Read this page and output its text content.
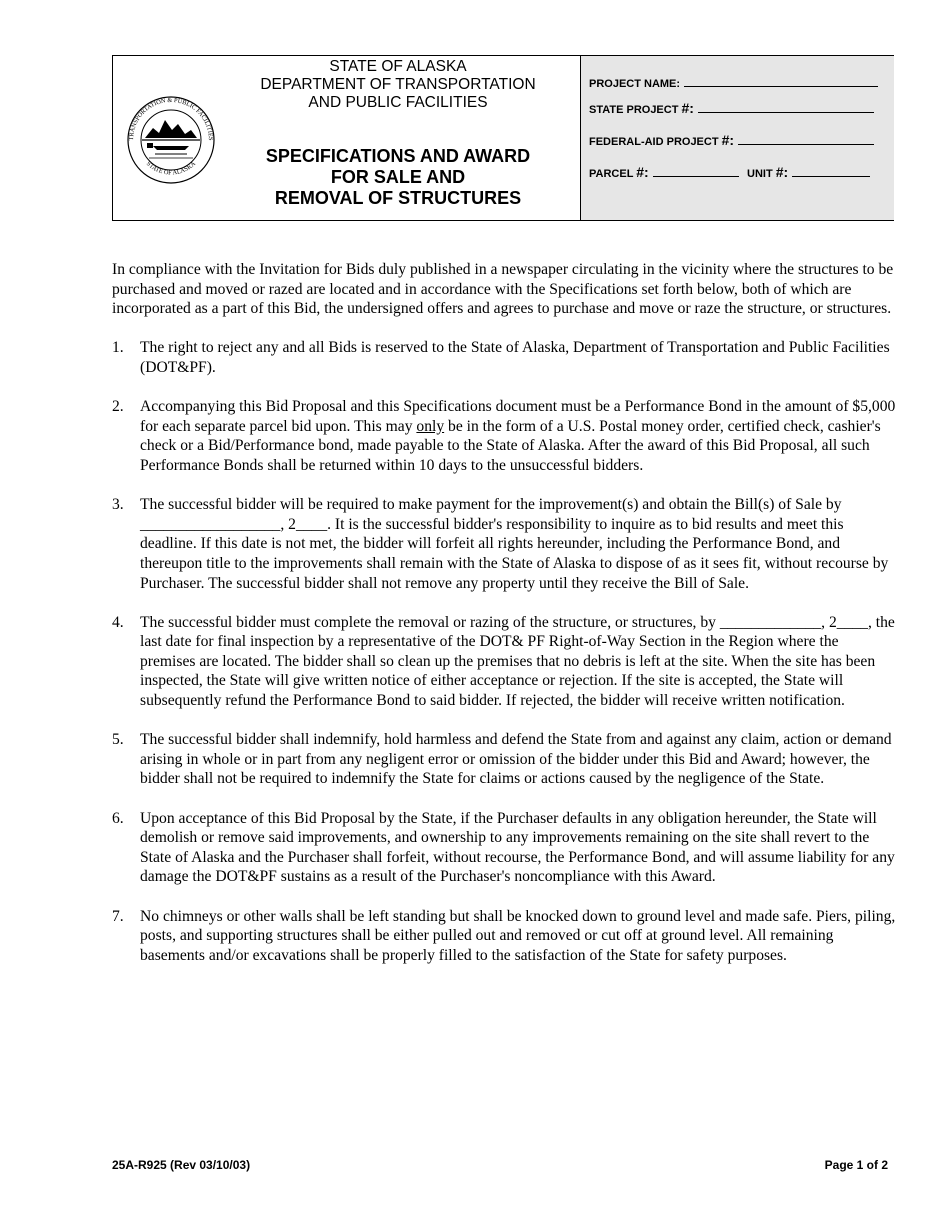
TRANSPORTATION & PUBLIC FACILITIES
STATE OF ALASKA
STATE OF ALASKA
DEPARTMENT OF TRANSPORTATION
AND PUBLIC FACILITIES
SPECIFICATIONS AND AWARD
FOR SALE AND
REMOVAL OF STRUCTURES
PROJECT NAME:
STATE PROJECT #:
FEDERAL-AID PROJECT #:
PARCEL #:	UNIT #:

In compliance with the Invitation for Bids duly published in a newspaper circulating in the vicinity where the structures to be purchased and moved or razed are located and in accordance with the Specifications set forth below, both of which are incorporated as a part of this Bid, the undersigned offers and agrees to purchase and move or raze the structure, or structures.

1. The right to reject any and all Bids is reserved to the State of Alaska, Department of Transportation and Public Facilities (DOT&PF).
2. Accompanying this Bid Proposal and this Specifications document must be a Performance Bond in the amount of $5,000 for each separate parcel bid upon. This may only be in the form of a U.S. Postal money order, certified check, cashier's check or a Bid/Performance bond, made payable to the State of Alaska. After the award of this Bid Proposal, all such Performance Bonds shall be returned within 10 days to the unsuccessful bidders.
3. The successful bidder will be required to make payment for the improvement(s) and obtain the Bill(s) of Sale by __________________, 2____. It is the successful bidder's responsibility to inquire as to bid results and meet this deadline. If this date is not met, the bidder will forfeit all rights hereunder, including the Performance Bond, and thereupon title to the improvements shall remain with the State of Alaska to dispose of as it sees fit, without recourse by Purchaser. The successful bidder shall not remove any property until they receive the Bill of Sale.
4. The successful bidder must complete the removal or razing of the structure, or structures, by _____________, 2____, the last date for final inspection by a representative of the DOT& PF Right-of-Way Section in the Region where the premises are located. The bidder shall so clean up the premises that no debris is left at the site. When the site has been inspected, the State will give written notice of either acceptance or rejection. If the site is accepted, the State will subsequently refund the Performance Bond to said bidder. If rejected, the bidder will receive written notification.
5. The successful bidder shall indemnify, hold harmless and defend the State from and against any claim, action or demand arising in whole or in part from any negligent error or omission of the bidder under this Bid and Award; however, the bidder shall not be required to indemnify the State for claims or actions caused by the negligence of the State.
6. Upon acceptance of this Bid Proposal by the State, if the Purchaser defaults in any obligation hereunder, the State will demolish or remove said improvements, and ownership to any improvements remaining on the site shall revert to the State of Alaska and the Purchaser shall forfeit, without recourse, the Performance Bond, and will assume liability for any damage the DOT&PF sustains as a result of the Purchaser's noncompliance with this Award.
7. No chimneys or other walls shall be left standing but shall be knocked down to ground level and made safe. Piers, piling, posts, and supporting structures shall be either pulled out and removed or cut off at ground level. All remaining basements and/or excavations shall be properly filled to the satisfaction of the State for safety purposes.
25A-R925 (Rev 03/10/03)	Page 1 of 2
